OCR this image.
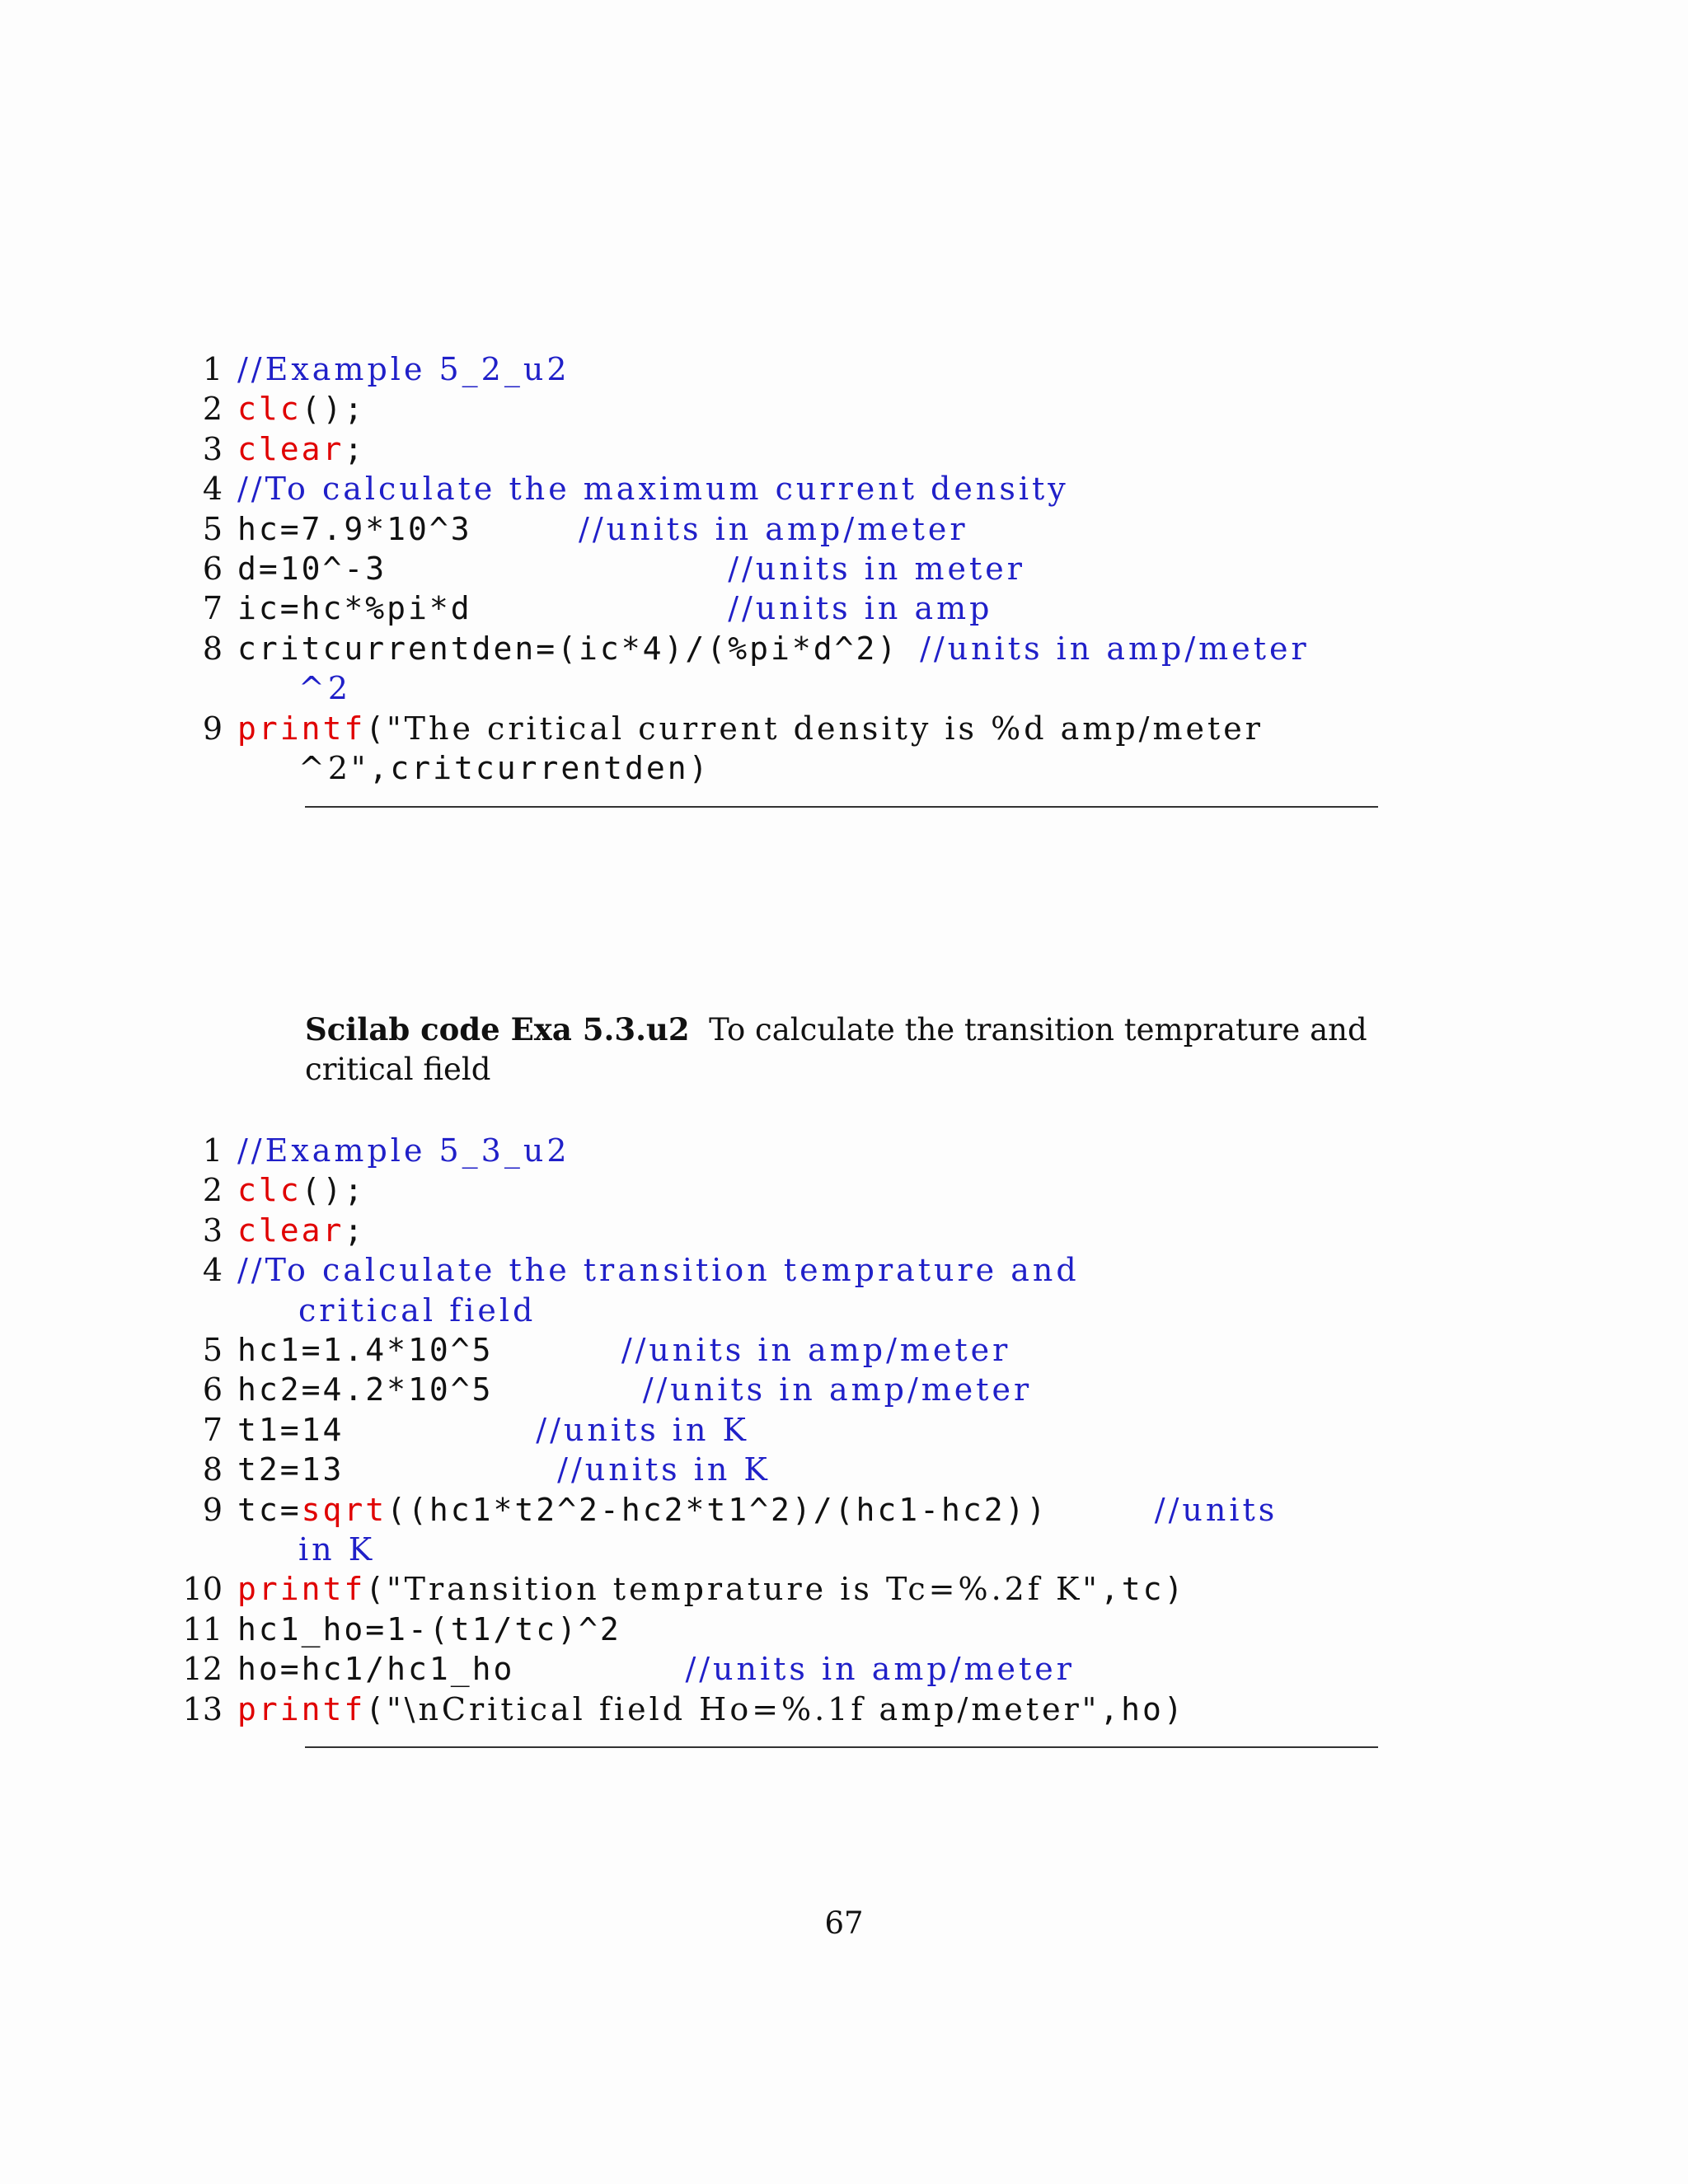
1 //Example 5_2_u2
2 clc();
3 clear;
4 //To calculate the maximum current density
5 hc=7.9*10^3     //units in amp/meter
6 d=10^-3                //units in meter
7 ic=hc*%pi*d            //units in amp
8 critcurrentden=(ic*4)/(%pi*d^2) //units in amp/meter
^2
9 printf("The critical current density is %d amp/meter
^2",critcurrentden)
Scilab code Exa 5.3.u2 To calculate the transition temprature and critical field
1 //Example 5_3_u2
2 clc();
3 clear;
4 //To calculate the transition temprature and
critical field
5 hc1=1.4*10^5      //units in amp/meter
6 hc2=4.2*10^5       //units in amp/meter
7 t1=14         //units in K
8 t2=13          //units in K
9 tc=sqrt((hc1*t2^2-hc2*t1^2)/(hc1-hc2))     //units
in K
10 printf("Transition temprature is Tc=%.2f K",tc)
11 hc1_ho=1-(t1/tc)^2
12 ho=hc1/hc1_ho        //units in amp/meter
13 printf("\nCritical field Ho=%.1f amp/meter",ho)
67
